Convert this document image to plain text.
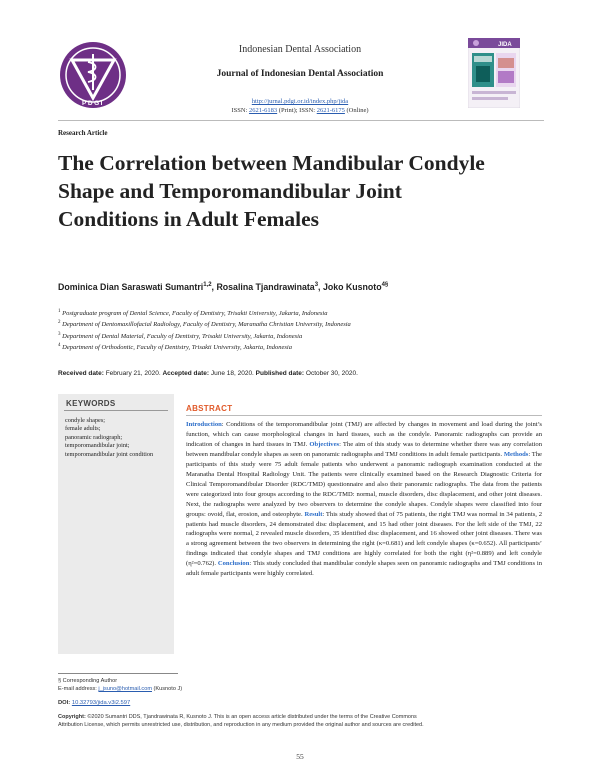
PDGI
Indonesian Dental Association
Journal of Indonesian Dental Association
http://jurnal.pdgi.or.id/index.php/jida
ISSN: 2621-6183 (Print); ISSN: 2621-6175 (Online)
JIDA
Research Article
The Correlation between Mandibular Condyle Shape and Temporomandibular Joint Conditions in Adult Females
Dominica Dian Saraswati Sumantri$^{1,2}$, Rosalina Tjandrawinata$^3$, Joko Kusnoto$^{4\S}$
$^1$ Postgraduate program of Dental Science, Faculty of Dentistry, Trisakti University, Jakarta, Indonesia
$^2$ Department of Dentomaxillofacial Radiology, Faculty of Dentistry, Maranatha Christian University, Indonesia
$^3$ Department of Dental Material, Faculty of Dentistry, Trisakti University, Jakarta, Indonesia
$^4$ Department of Orthodontic, Faculty of Dentistry, Trisakti University, Jakarta, Indonesia
Received date: February 21, 2020. Accepted date: June 18, 2020. Published date: October 30, 2020.
KEYWORDS
condyle shapes;
female adults;
panoramic radiograph;
temporomandibular joint;
temporomandibular joint condition
ABSTRACT
Introduction: Conditions of the temporomandibular joint (TMJ) are affected by changes in movement and load during the joint’s function, which can cause morphological changes in hard tissues, such as the condyle. Panoramic radiographs can provide an indication of changes in hard tissues in TMJ. Objectives: The aim of this study was to determine whether there was any correlation between mandibular condyle shapes as seen on panoramic radiographs and TMJ conditions in adult female participants. Methods: The participants of this study were 75 adult female patients who underwent a panoramic radiograph examination conducted at the Maranatha Dental Hospital Radiology Unit. The patients were clinically examined based on the Research Diagnostic Criteria for Clinical Temporomandibular Disorder (RDC/TMD) questionnaire and also their panoramic radiographs. The data from the patients were categorized into four groups according to the RDC/TMD: normal, muscle disorders, disc displacement, and other joint diseases. Next, the radiographs were analyzed by two observers to determine the condyle shapes. Condyle shapes were classified into four groups: ovoid, flat, erosion, and osteophyte. Result: This study showed that of 75 patients, the right TMJ was normal in 34 patients, 2 patients had muscle disorders, 24 demonstrated disc displacement, and 15 had other joint diseases. For the left side of the TMJ, 22 radiographs were normal, 2 revealed muscle disorders, 35 identified disc displacement, and 16 showed other joint diseases. There was a strong agreement between the two observers in determining the right (κ=0.681) and left condyle shapes (κ=0.652). All participants’ findings indicated that condyle shapes and TMJ conditions are highly correlated for both the right (η²=0.889) and left condyle (η²=0.762). Conclusion: This study concluded that mandibular condyle shapes seen on panoramic radiographs and TMJ conditions in adult female participants were highly correlated.
§ Corresponding Author
E-mail address: j_jsuno@hotmail.com (Kusnoto J)
DOI: 10.32793/jida.v3i2.597
Copyright: ©2020 Sumantri DDS, Tjandrawinata R, Kusnoto J. This is an open access article distributed under the terms of the Creative Commons Attribution License, which permits unrestricted use, distribution, and reproduction in any medium provided the original author and sources are credited.
55
